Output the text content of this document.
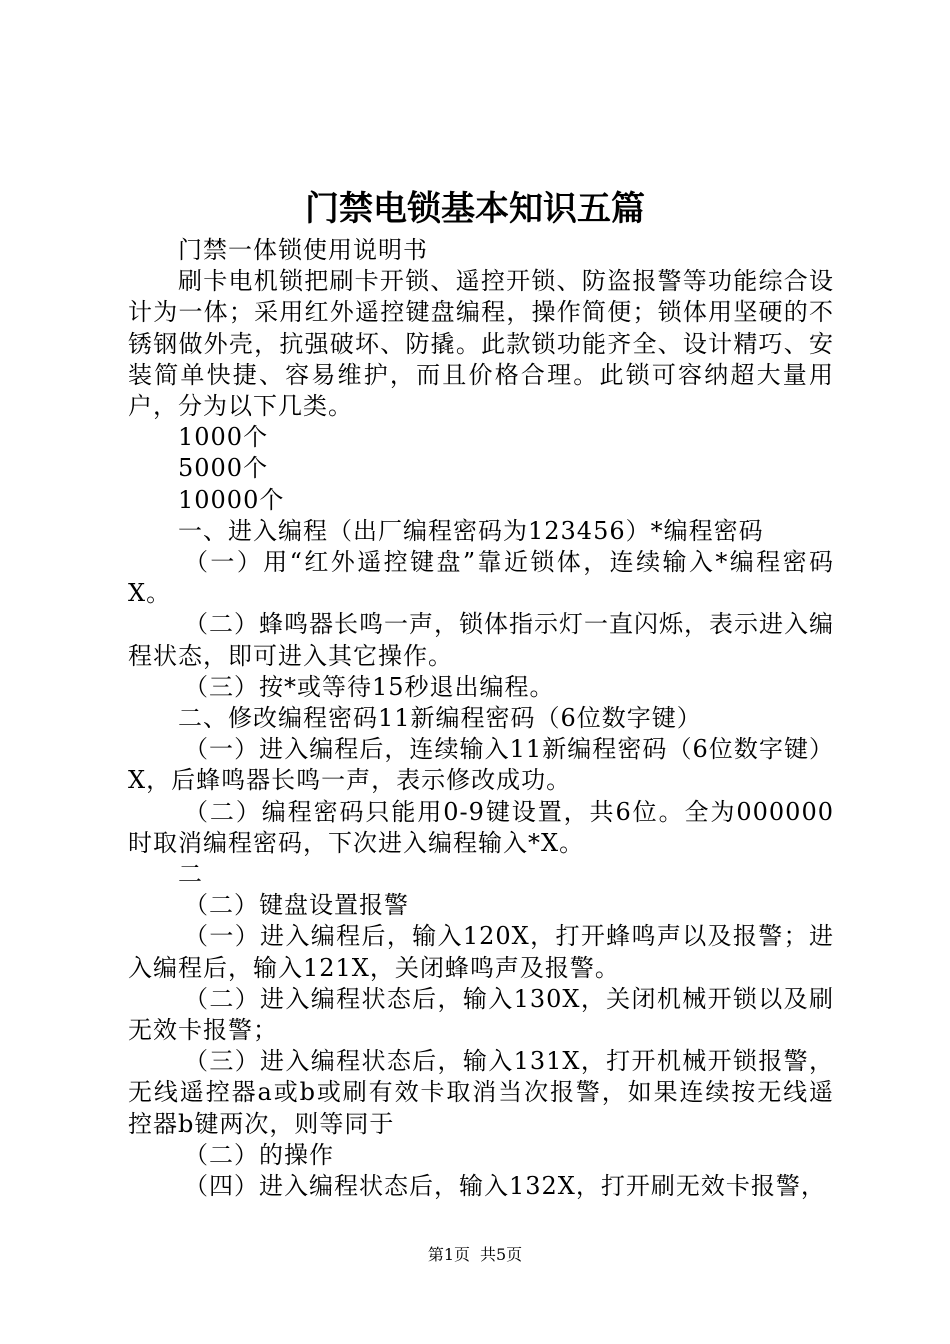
门禁电锁基本知识五篇

门禁一体锁使用说明书

刷卡电机锁把刷卡开锁、遥控开锁、防盗报警等功能综合设计为一体；采用红外遥控键盘编程，操作简便；锁体用坚硬的不锈钢做外壳，抗强破坏、防撬。此款锁功能齐全、设计精巧、安装简单快捷、容易维护，而且价格合理。此锁可容纳超大量用户，分为以下几类。

1000个

5000个

10000个

一、进入编程（出厂编程密码为123456）*编程密码

（一）用“红外遥控键盘”靠近锁体，连续输入*编程密码X。

（二）蜂鸣器长鸣一声，锁体指示灯一直闪烁，表示进入编程状态，即可进入其它操作。

（三）按*或等待15秒退出编程。

二、修改编程密码11新编程密码（6位数字键）

（一）进入编程后，连续输入11新编程密码（6位数字键）X，后蜂鸣器长鸣一声，表示修改成功。

（二）编程密码只能用0-9键设置，共6位。全为000000时取消编程密码，下次进入编程输入*X。

二

（二）键盘设置报警

（一）进入编程后，输入120X，打开蜂鸣声以及报警；进入编程后，输入121X，关闭蜂鸣声及报警。

（二）进入编程状态后，输入130X，关闭机械开锁以及刷无效卡报警；

（三）进入编程状态后，输入131X，打开机械开锁报警，无线遥控器a或b或刷有效卡取消当次报警，如果连续按无线遥控器b键两次，则等同于

（二）的操作

（四）进入编程状态后，输入132X，打开刷无效卡报警，

第1页 共5页
